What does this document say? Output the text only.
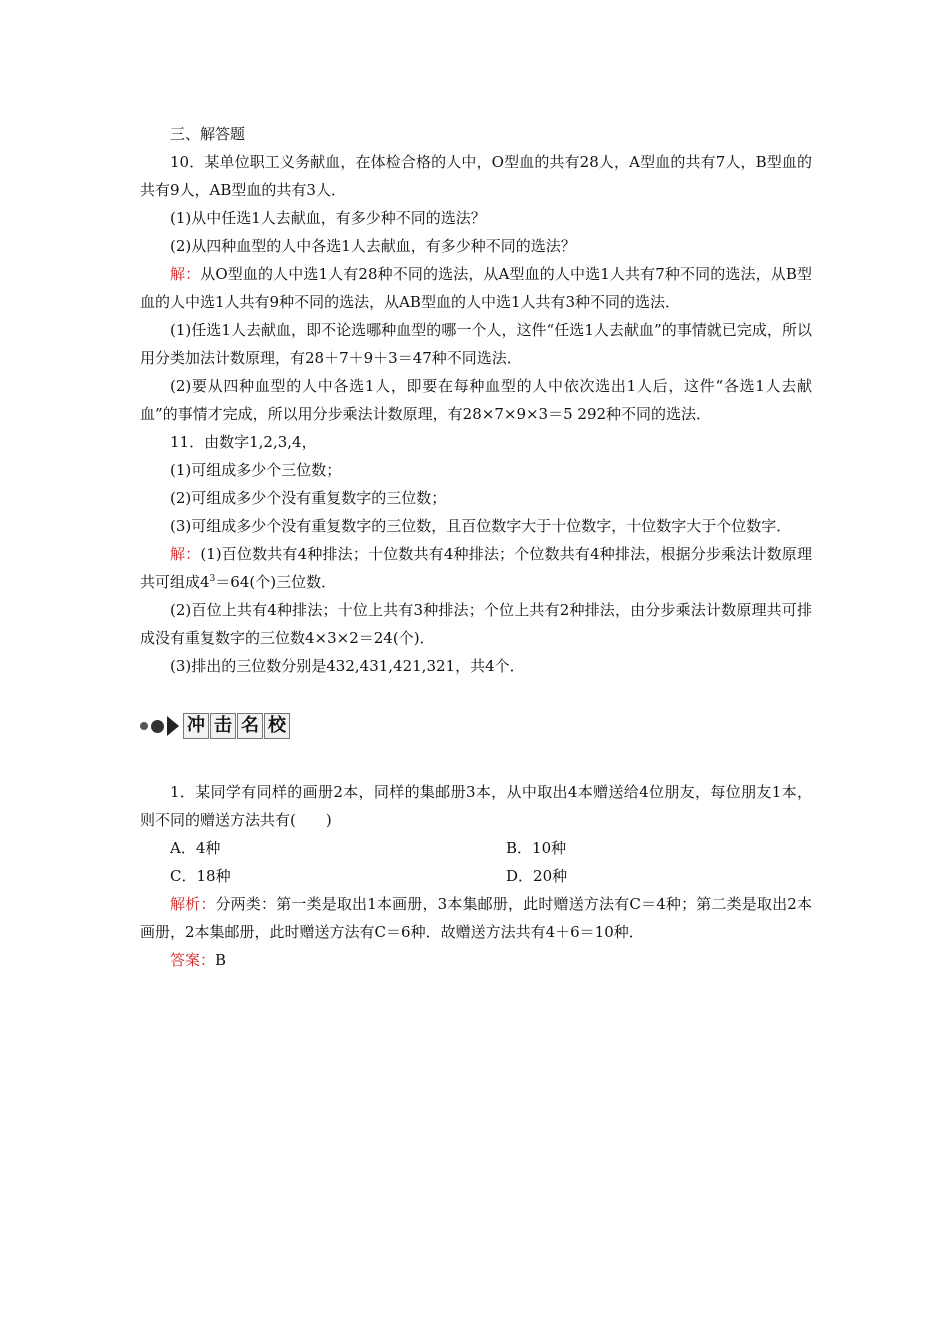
三、解答题

10．某单位职工义务献血，在体检合格的人中，O型血的共有28人，A型血的共有7人，B型血的共有9人，AB型血的共有3人．

(1)从中任选1人去献血，有多少种不同的选法？

(2)从四种血型的人中各选1人去献血，有多少种不同的选法？

解：从O型血的人中选1人有28种不同的选法，从A型血的人中选1人共有7种不同的选法，从B型血的人中选1人共有9种不同的选法，从AB型血的人中选1人共有3种不同的选法．

(1)任选1人去献血，即不论选哪种血型的哪一个人，这件“任选1人去献血”的事情就已完成，所以用分类加法计数原理，有28＋7＋9＋3＝47种不同选法．

(2)要从四种血型的人中各选1人，即要在每种血型的人中依次选出1人后，这件“各选1人去献血”的事情才完成，所以用分步乘法计数原理，有28×7×9×3＝5 292种不同的选法．

11．由数字1,2,3,4，

(1)可组成多少个三位数；

(2)可组成多少个没有重复数字的三位数；

(3)可组成多少个没有重复数字的三位数，且百位数字大于十位数字，十位数字大于个位数字．

解：(1)百位数共有4种排法；十位数共有4种排法；个位数共有4种排法，根据分步乘法计数原理共可组成$4^3=64$(个)三位数．

(2)百位上共有4种排法；十位上共有3种排法；个位上共有2种排法，由分步乘法计数原理共可排成没有重复数字的三位数4×3×2＝24(个)．

(3)排出的三位数分别是432,431,421,321，共4个．

冲 击 名 校

1．某同学有同样的画册2本，同样的集邮册3本，从中取出4本赠送给4位朋友，每位朋友1本，则不同的赠送方法共有(　　)

A．4种	B．10种
C．18种	D．20种

解析：分两类：第一类是取出1本画册，3本集邮册，此时赠送方法有C＝4种；第二类是取出2本画册，2本集邮册，此时赠送方法有C＝6种．故赠送方法共有4＋6＝10种．

答案：B
